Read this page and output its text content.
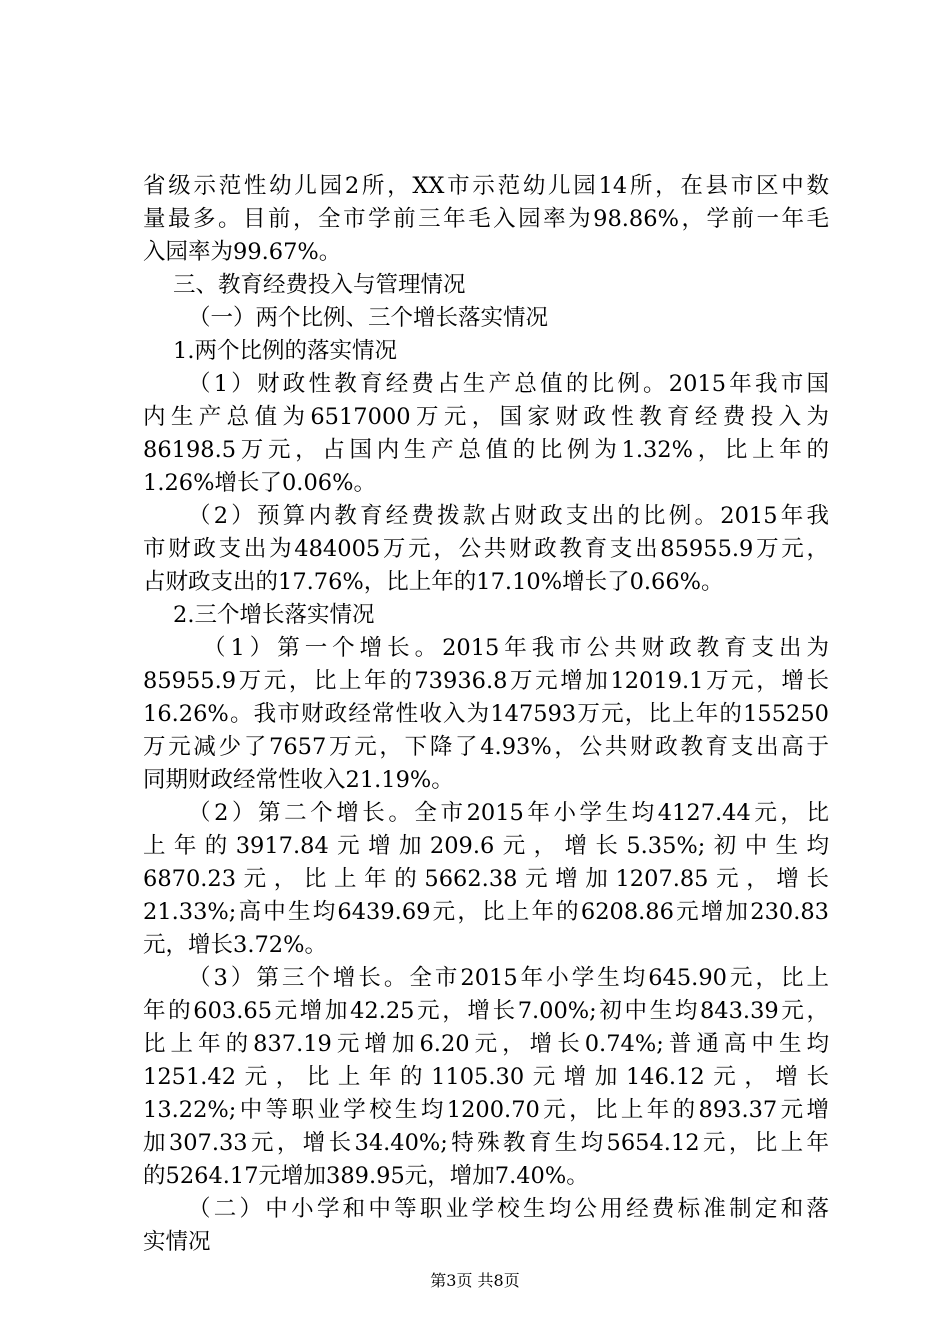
省级示范性幼儿园2所，XX市示范幼儿园14所，在县市区中数
量最多。目前，全市学前三年毛入园率为98.86%，学前一年毛
入园率为99.67%。
三、教育经费投入与管理情况
（一）两个比例、三个增长落实情况
1.两个比例的落实情况
（1）财政性教育经费占生产总值的比例。2015年我市国
内生产总值为6517000万元，国家财政性教育经费投入为
86198.5万元，占国内生产总值的比例为1.32%，比上年的
1.26%增长了0.06%。
（2）预算内教育经费拨款占财政支出的比例。2015年我
市财政支出为484005万元，公共财政教育支出85955.9万元，
占财政支出的17.76%，比上年的17.10%增长了0.66%。
2.三个增长落实情况
（1）第一个增长。2015年我市公共财政教育支出为
85955.9万元，比上年的73936.8万元增加12019.1万元，增长
16.26%。我市财政经常性收入为147593万元，比上年的155250
万元减少了7657万元，下降了4.93%，公共财政教育支出高于
同期财政经常性收入21.19%。
（2）第二个增长。全市2015年小学生均4127.44元，比
上年的3917.84元增加209.6元，增长5.35%;初中生均
6870.23元，比上年的5662.38元增加1207.85元，增长
21.33%;高中生均6439.69元，比上年的6208.86元增加230.83
元，增长3.72%。
（3）第三个增长。全市2015年小学生均645.90元，比上
年的603.65元增加42.25元，增长7.00%;初中生均843.39元，
比上年的837.19元增加6.20元，增长0.74%;普通高中生均
1251.42元，比上年的1105.30元增加146.12元，增长
13.22%;中等职业学校生均1200.70元，比上年的893.37元增
加307.33元，增长34.40%;特殊教育生均5654.12元，比上年
的5264.17元增加389.95元，增加7.40%。
（二）中小学和中等职业学校生均公用经费标准制定和落
实情况
第3页 共8页
